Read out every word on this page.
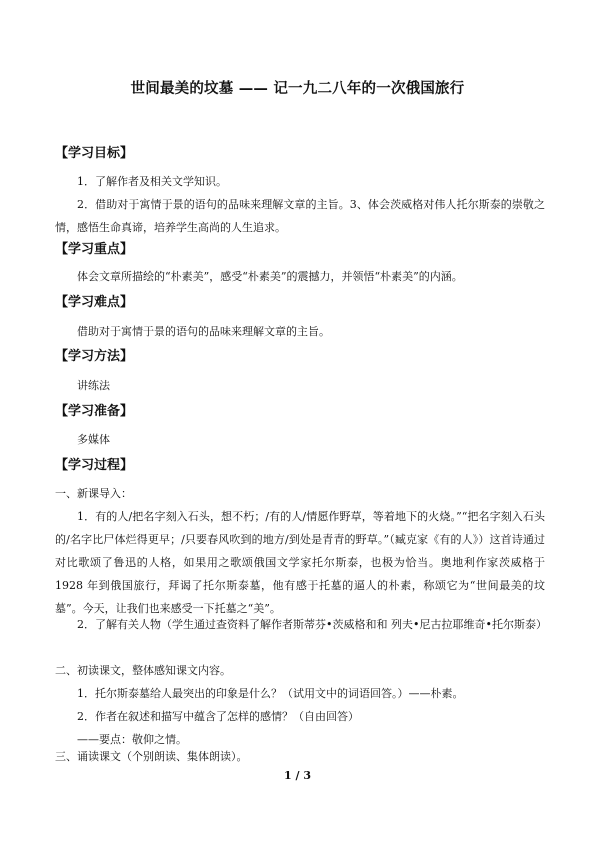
世间最美的坟墓 —— 记一九二八年的一次俄国旅行
【学习目标】
1．了解作者及相关文学知识。
2．借助对于寓情于景的语句的品味来理解文章的主旨。3、体会茨威格对伟人托尔斯泰的崇敬之情，感悟生命真谛，培养学生高尚的人生追求。
【学习重点】
体会文章所描绘的“朴素美”，感受“朴素美”的震撼力，并领悟“朴素美”的内涵。
【学习难点】
借助对于寓情于景的语句的品味来理解文章的主旨。
【学习方法】
讲练法
【学习准备】
多媒体
【学习过程】
一、新课导入：
1．有的人/把名字刻入石头，想不朽；/有的人/情愿作野草，等着地下的火烧。”“把名字刻入石头的/名字比尸体烂得更早；/只要春风吹到的地方/到处是青青的野草。”（臧克家《有的人》）这首诗通过对比歌颂了鲁迅的人格，如果用之歌颂俄国文学家托尔斯泰，也极为恰当。奥地利作家茨威格于 1928 年到俄国旅行，拜谒了托尔斯泰墓，他有感于托墓的逼人的朴素，称颂它为“世间最美的坟墓”。今天，让我们也来感受一下托墓之“美”。
2．了解有关人物（学生通过查资料了解作者斯蒂芬•茨威格和和 列夫•尼古拉耶维奇•托尔斯泰）
二、初读课文，整体感知课文内容。
1．托尔斯泰墓给人最突出的印象是什么？（试用文中的词语回答。）——朴素。
2．作者在叙述和描写中蕴含了怎样的感情？（自由回答）
——要点：敬仰之情。
三、诵读课文（个别朗读、集体朗读）。
1 / 3
